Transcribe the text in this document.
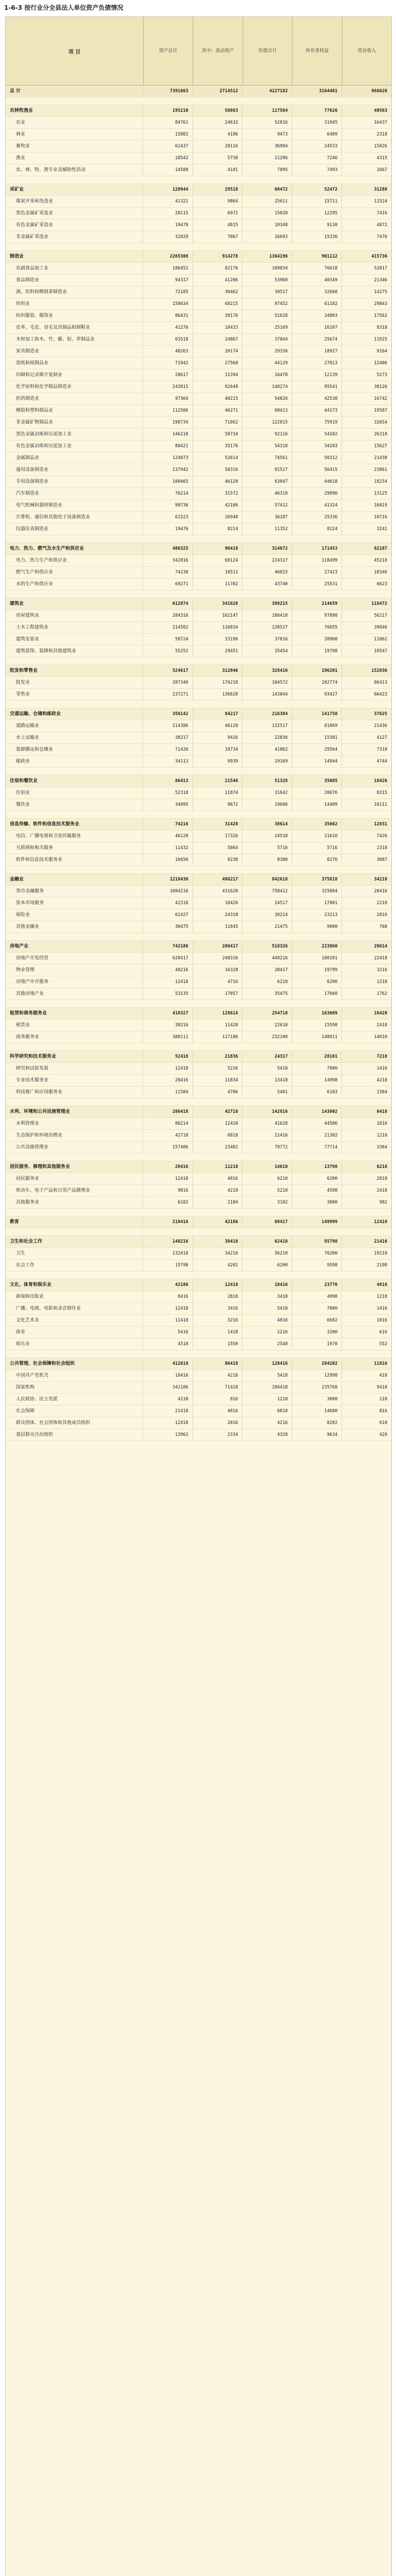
1-6-3 按行业分全县法人单位资产负债情况
项 目	资产总计	其中：流动资产	负债合计	所有者权益	营业收入
总 计	7391663	2714512	4227182	3164481	986620
农林牧渔业	195210	58863	117584	77626	40563
农业	84761	24632	52816	31945	16437
林业	15882	4196	9473	6409	2318
畜牧业	61437	20116	36904	24533	15826
渔业	18542	5738	11296	7246	4315
农、林、牧、渔专业及辅助性活动	14588	4181	7095	7493	1667
采矿业	120944	29518	68472	52472	31288
煤炭开采和洗选业	41322	9864	25611	15711	11524
黑色金属矿采选业	28115	6972	15820	12295	7416
有色金属矿采选业	19478	4815	10348	9130	4872
非金属矿采选业	32029	7867	16693	15336	7476
制造业	2265308	914278	1364196	901112	415736
农副食品加工业	186452	82176	109834	76618	52817
食品制造业	94317	41286	53968	40349	21346
酒、饮料和精制茶制造业	72185	30462	39517	32668	14275
纺织业	158634	68215	97452	61182	29843
纺织服装、服饰业	86431	39176	51628	34803	17562
皮革、毛皮、羽毛及其制品和制鞋业	41276	18433	25169	16107	8318
木材加工和木、竹、藤、棕、草制品业	63518	24867	37844	25674	11925
家具制造业	48263	20174	29336	18927	9164
造纸和纸制品业	71942	27568	44129	27813	12486
印刷和记录媒介复制业	28617	11394	16478	12139	5273
化学原料和化学制品制造业	243815	92648	148274	95541	38126
医药制造业	97364	40215	54826	42538	16742
橡胶和塑料制品业	112586	46271	68413	44173	19587
非金属矿物制品业	198734	71862	122815	75919	32654
黑色金属冶炼和压延加工业	146218	58734	92116	54102	26318
有色金属冶炼和压延加工业	88421	35176	54318	34103	15627
金属制品业	124873	52614	74561	50312	21438
通用设备制造业	137942	58316	81527	56415	23861
专用设备制造业	108465	46128	63847	44618	18234
汽车制造业	76214	31572	46318	29896	13125
电气机械和器材制造业	98736	42186	57412	41324	16819
计算机、通信和其他电子设备制造业	61523	26948	36187	25336	10716
仪器仪表制造业	19476	8214	11352	8124	3241
电力、热力、燃气及水生产和供应业	486325	96418	314872	171453	62187
电力、热力生产和供应业	342816	68124	224317	118499	45218
燃气生产和供应业	74238	16512	46815	27423	10346
水的生产和供应业	69271	11782	43740	25531	6623
建筑业	612874	341628	398215	214659	118472
房屋建筑业	284316	162147	186418	97898	56217
土木工程建筑业	214582	116834	138527	76055	39846
建筑安装业	58724	33196	37816	20908	11862
建筑装饰、装修和其他建筑业	55252	29451	35454	19798	10547
批发和零售业	524617	312846	328416	196201	152836
批发业	287346	176218	184572	102774	86413
零售业	237271	136628	143844	93427	66423
交通运输、仓储和邮政业	358142	84217	216384	141758	37625
道路运输业	214386	46128	132517	81869	21436
水上运输业	38217	9416	22836	15381	4127
装卸搬运和仓储业	71426	18734	41862	29564	7318
邮政业	34113	9939	19169	14944	4744
住宿和餐饮业	86413	21546	51328	35085	18426
住宿业	52318	11874	31642	20676	8315
餐饮业	34095	9672	19686	14409	10111
信息传输、软件和信息技术服务业	74216	31428	38614	35602	12831
电信、广播电视和卫星传输服务	46128	17326	24518	21610	7426
互联网和相关服务	11432	5864	5716	5716	2318
软件和信息技术服务业	16656	8238	8380	8276	3087
金融业	1218436	486217	842618	375818	34218
货币金融服务	1084216	431628	758412	325804	28416
资本市场服务	42318	18426	24517	17801	2218
保险业	61427	24318	38214	23213	2816
其他金融业	30475	11845	21475	9000	768
房地产业	742186	286417	518326	223860	28614
房地产开发经营	628417	248316	448216	180201	22418
物业管理	48216	16328	28417	19799	3216
房地产中介服务	12418	4716	6218	6200	1218
其他房地产业	53135	17057	35475	17660	1762
租赁和商务服务业	418327	128614	254718	163609	16428
租赁业	38216	11428	22618	15598	2418
商务服务业	380111	117186	232100	148011	14010
科学研究和技术服务业	52418	21836	24317	28101	7218
研究和试验发展	12418	5216	5418	7000	1416
专业技术服务业	28416	11834	13418	14998	4218
科技推广和应用服务业	11584	4786	5481	6103	1584
水利、环境和公共设施管理业	286418	42718	142816	143602	6418
水利管理业	86214	12418	41628	44586	1816
生态保护和环境治理业	42718	6818	21416	21302	1218
公共设施管理业	157486	23482	79772	77714	3384
居民服务、修理和其他服务业	28416	11218	14618	13798	6218
居民服务业	12418	4816	6218	6200	2818
机动车、电子产品和日用产品修理业	9816	4218	5218	4598	2418
其他服务业	6182	2184	3182	3000	982
教育	218416	42186	68417	149999	12418
卫生和社会工作	148216	38418	62418	85798	21416
卫生	132418	34216	56218	76200	19218
社会工作	15798	4202	6200	9598	2198
文化、体育和娱乐业	42186	12418	18416	23770	4818
新闻和出版业	8416	2818	3418	4998	1218
广播、电视、电影和录音制作业	12418	3416	5418	7000	1416
文化艺术业	11418	3216	4816	6602	1016
体育	5416	1418	2216	3200	616
娱乐业	4518	1550	2548	1970	552
公共管理、社会保障和社会组织	412618	86418	128416	284202	11816
中国共产党机关	18416	4218	5418	12998	418
国家机构	342186	71418	106418	235768	9418
人民政协、民主党派	4218	816	1218	3000	118
社会保障	21418	4816	6818	14600	816
群众团体、社会团体和其他成员组织	12418	2816	4216	8202	618
基层群众自治组织	13962	2334	4328	9634	428
